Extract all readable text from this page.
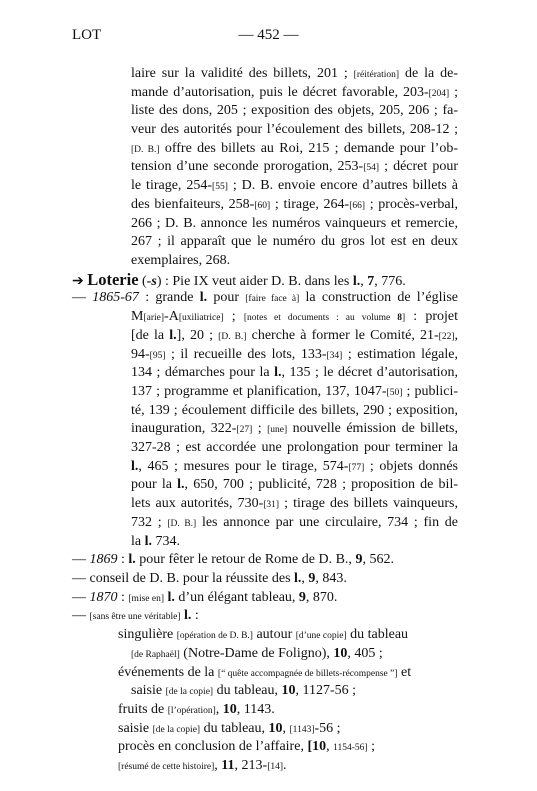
LOT	— 452 —
laire sur la validité des billets, 201 ; [réitération] de la de-
mande d’autorisation, puis le décret favorable, 203-[204] ;
liste des dons, 205 ; exposition des objets, 205, 206 ; fa-
veur des autorités pour l’écoulement des billets, 208-12 ;
[D. B.] offre des billets au Roi, 215 ; demande pour l’ob-
tension d’une seconde prorogation, 253-[54] ; décret pour
le tirage, 254-[55] ; D. B. envoie encore d’autres billets à
des bienfaiteurs, 258-[60] ; tirage, 264-[66] ; procès-verbal,
266 ; D. B. annonce les numéros vainqueurs et remercie,
267 ; il apparaît que le numéro du gros lot est en deux
exemplaires, 268.
➔ Loterie (-s) : Pie IX veut aider D. B. dans les l., 7, 776.
— 1865-67 : grande l. pour [faire face à] la construction de l’église
M[arie]-A[uxiliatrice] ; [notes et documents : au volume 8] : projet
[de la l.], 20 ; [D. B.] cherche à former le Comité, 21-[22],
94-[95] ; il recueille des lots, 133-[34] ; estimation légale,
134 ; démarches pour la l., 135 ; le décret d’autorisation,
137 ; programme et planification, 137, 1047-[50] ; publici-
té, 139 ; écoulement difficile des billets, 290 ; exposition,
inauguration, 322-[27] ; [une] nouvelle émission de billets,
327-28 ; est accordée une prolongation pour terminer la
l., 465 ; mesures pour le tirage, 574-[77] ; objets donnés
pour la l., 650, 700 ; publicité, 728 ; proposition de bil-
lets aux autorités, 730-[31] ; tirage des billets vainqueurs,
732 ; [D. B.] les annonce par une circulaire, 734 ; fin de
la l. 734.
— 1869 : l. pour fêter le retour de Rome de D. B., 9, 562.
— conseil de D. B. pour la réussite des l., 9, 843.
— 1870 : [mise en] l. d’un élégant tableau, 9, 870.
— [sans être une véritable] l. :
singulière [opération de D. B.] autour [d’une copie] du tableau
[de Raphaël] (Notre-Dame de Foligno), 10, 405 ;
événements de la [“ quête accompagnée de billets-récompense ”] et
saisie [de la copie] du tableau, 10, 1127-56 ;
fruits de [l’opération], 10, 1143.
saisie [de la copie] du tableau, 10, [1143]-56 ;
procès en conclusion de l’affaire, [10, 1154-56] ;
[résumé de cette histoire], 11, 213-[14].
